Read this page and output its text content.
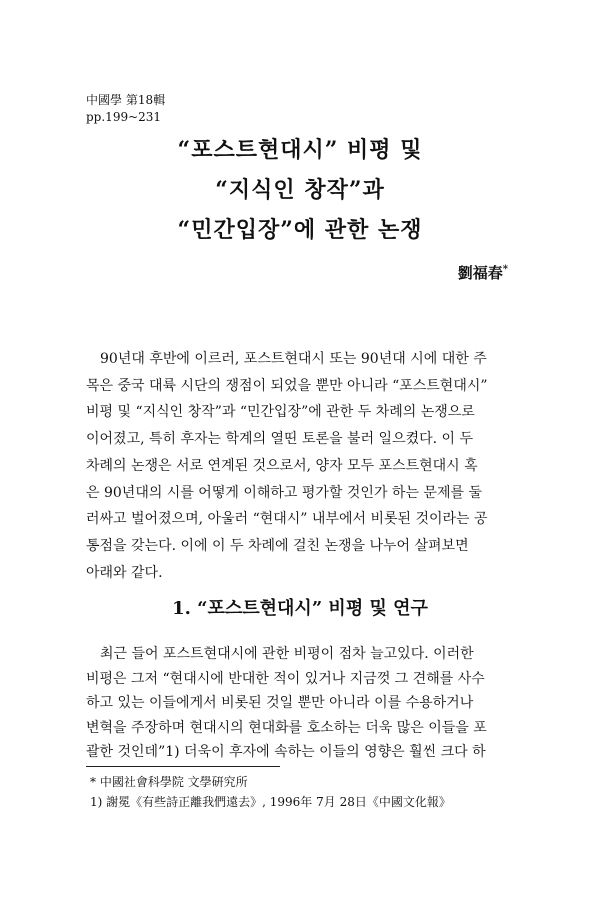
中國學 第18輯
pp.199~231
“포스트현대시” 비평 및
“지식인 창작”과
“민간입장”에 관한 논쟁
劉福春*
90년대 후반에 이르러, 포스트현대시 또는 90년대 시에 대한 주
목은 중국 대륙 시단의 쟁점이 되었을 뿐만 아니라 “포스트현대시”
비평 및 “지식인 창작”과 “민간입장”에 관한 두 차례의 논쟁으로
이어졌고, 특히 후자는 학계의 열띤 토론을 불러 일으켰다. 이 두
차례의 논쟁은 서로 연계된 것으로서, 양자 모두 포스트현대시 혹
은 90년대의 시를 어떻게 이해하고 평가할 것인가 하는 문제를 둘
러싸고 벌어졌으며, 아울러 “현대시” 내부에서 비롯된 것이라는 공
통점을 갖는다. 이에 이 두 차례에 걸친 논쟁을 나누어 살펴보면
아래와 같다.
1. “포스트현대시” 비평 및 연구
최근 들어 포스트현대시에 관한 비평이 점차 늘고있다. 이러한
비평은 그저 “현대시에 반대한 적이 있거나 지금껏 그 견해를 사수
하고 있는 이들에게서 비롯된 것일 뿐만 아니라 이를 수용하거나
변혁을 주장하며 현대시의 현대화를 호소하는 더욱 많은 이들을 포
괄한 것인데”1) 더욱이 후자에 속하는 이들의 영향은 훨씬 크다 하
* 中國社會科學院 文學硏究所
1) 謝冕《有些詩正離我們遠去》, 1996年 7月 28日《中國文化報》
